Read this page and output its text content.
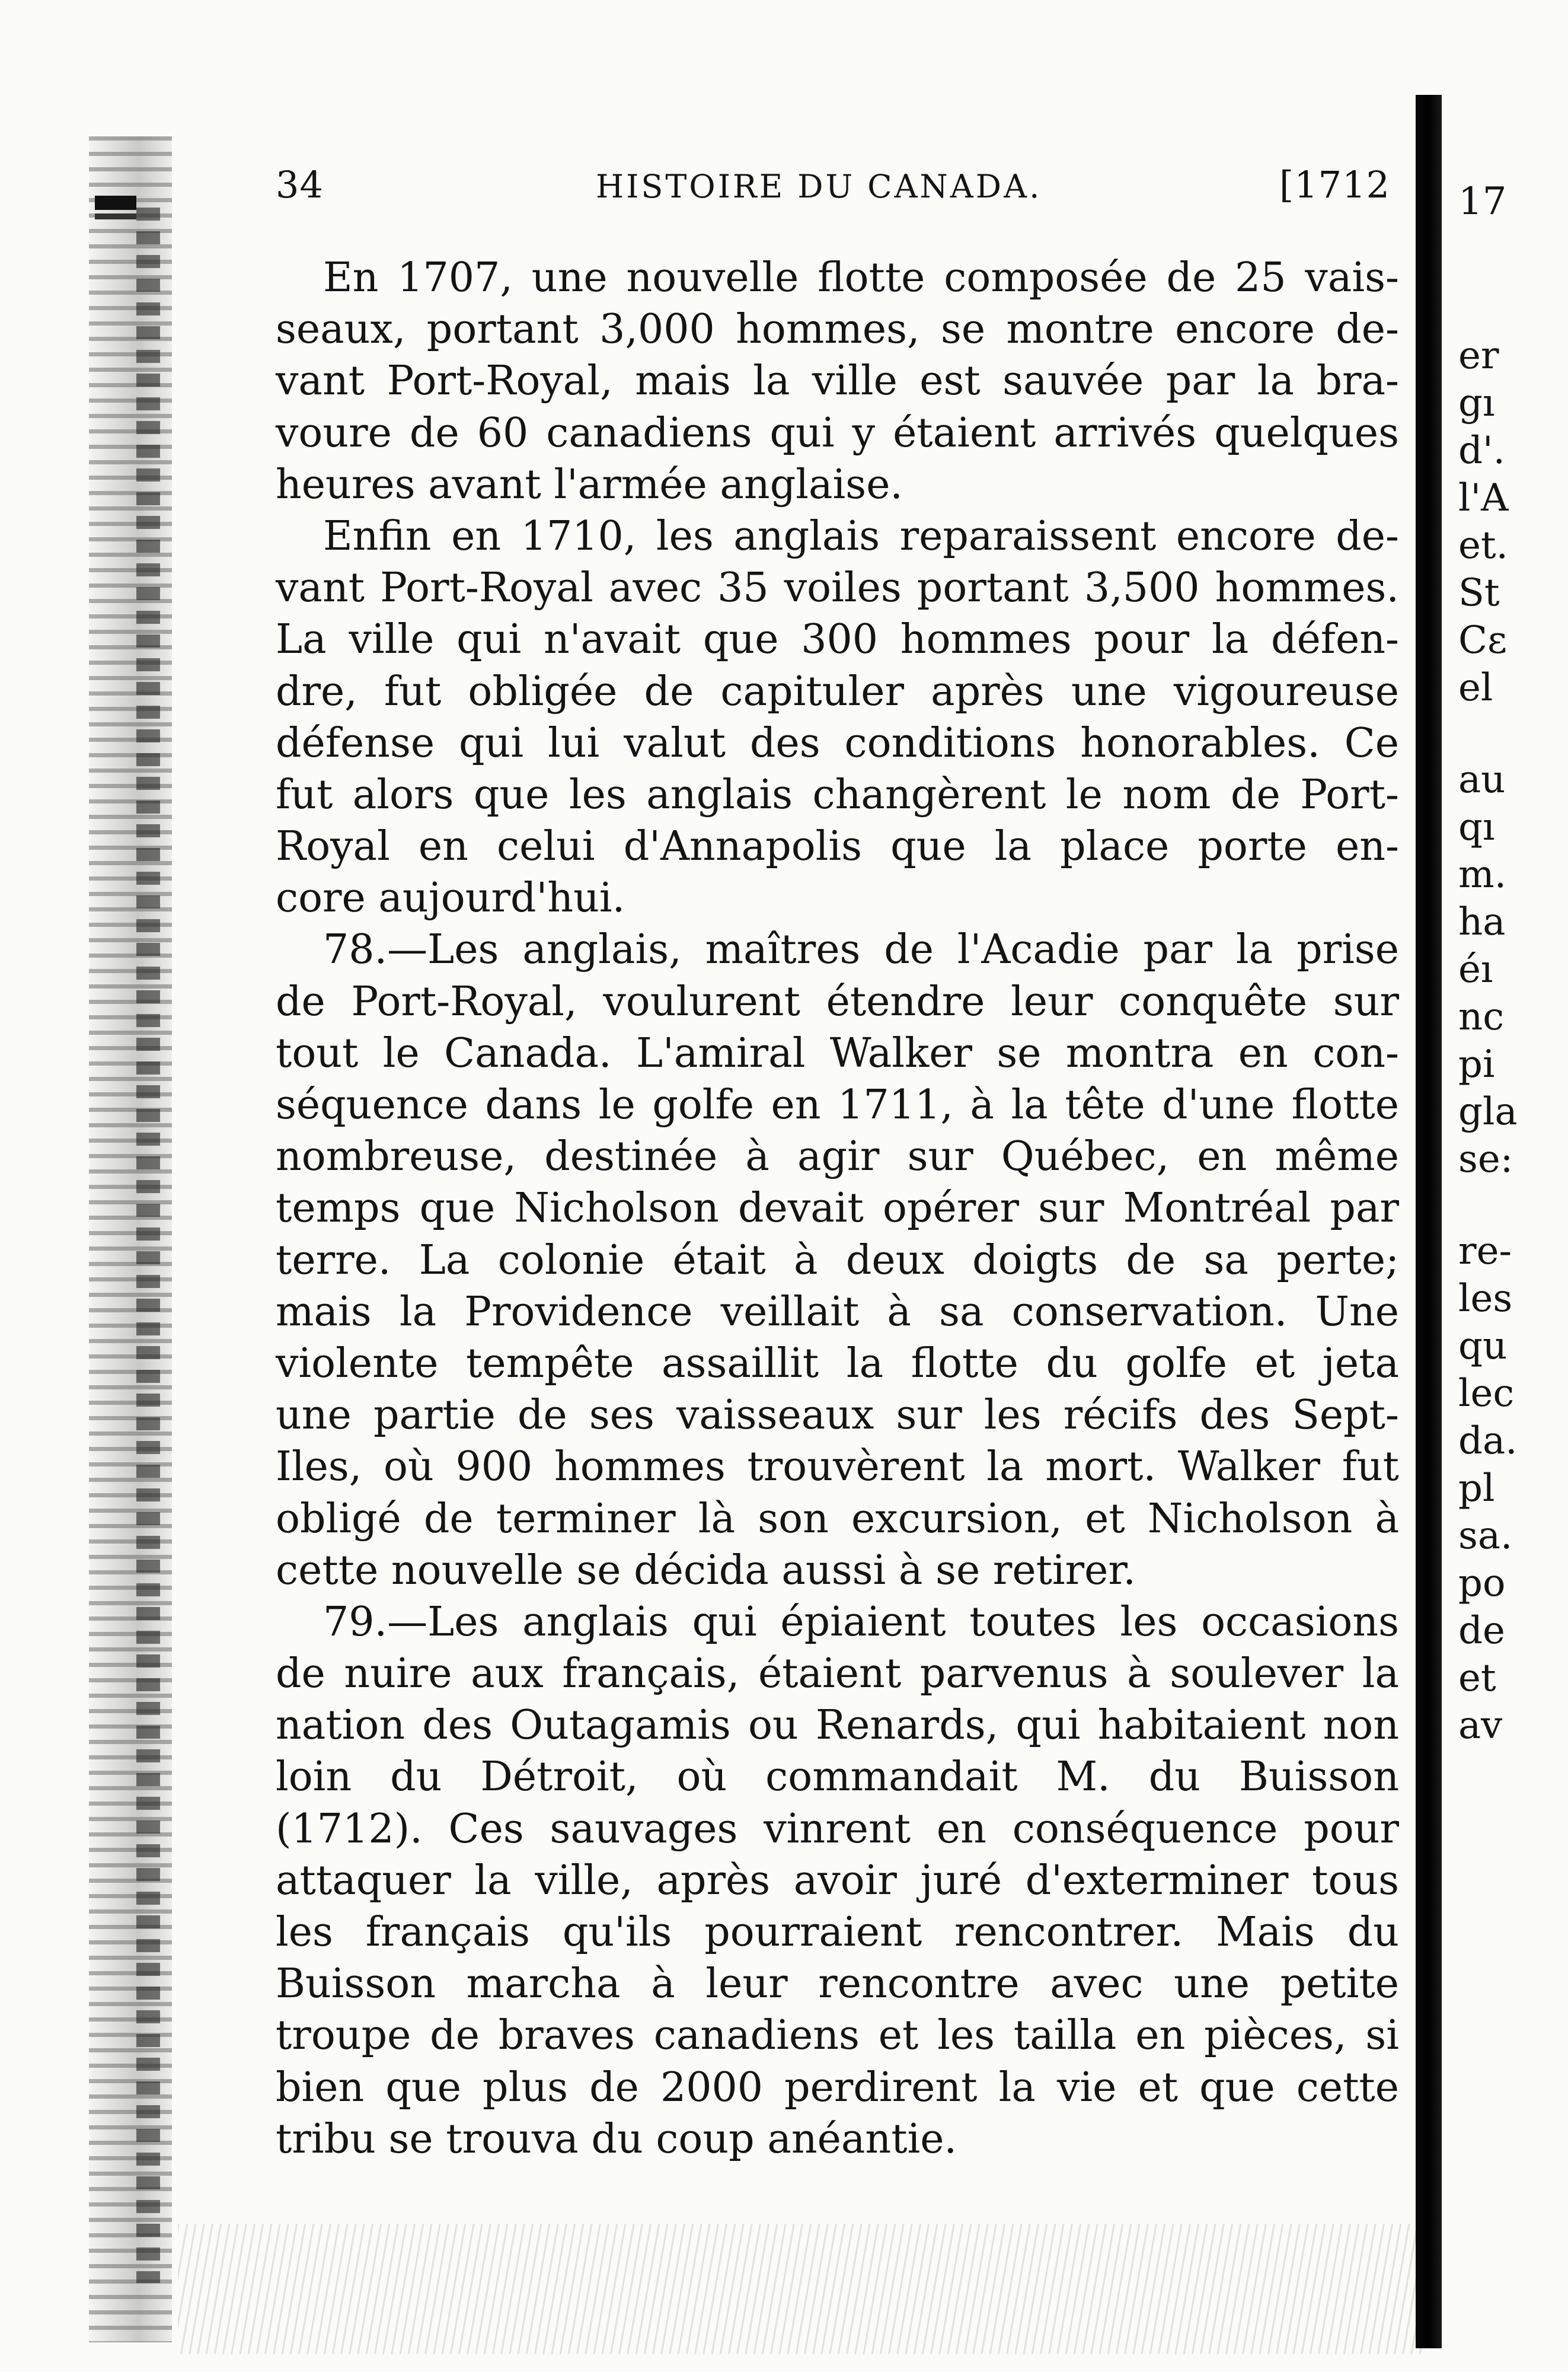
34	HISTOIRE DU CANADA.	[1712
En 1707, une nouvelle flotte composée de 25 vais-
seaux, portant 3,000 hommes, se montre encore de-
vant Port-Royal, mais la ville est sauvée par la bra-
voure de 60 canadiens qui y étaient arrivés quelques
heures avant l'armée anglaise.
Enfin en 1710, les anglais reparaissent encore de-
vant Port-Royal avec 35 voiles portant 3,500 hommes.
La ville qui n'avait que 300 hommes pour la défen-
dre, fut obligée de capituler après une vigoureuse
défense qui lui valut des conditions honorables. Ce
fut alors que les anglais changèrent le nom de Port-
Royal en celui d'Annapolis que la place porte en-
core aujourd'hui.
78.—Les anglais, maîtres de l'Acadie par la prise
de Port-Royal, voulurent étendre leur conquête sur
tout le Canada. L'amiral Walker se montra en con-
séquence dans le golfe en 1711, à la tête d'une flotte
nombreuse, destinée à agir sur Québec, en même
temps que Nicholson devait opérer sur Montréal par
terre. La colonie était à deux doigts de sa perte;
mais la Providence veillait à sa conservation. Une
violente tempête assaillit la flotte du golfe et jeta
une partie de ses vaisseaux sur les récifs des Sept-
Iles, où 900 hommes trouvèrent la mort. Walker fut
obligé de terminer là son excursion, et Nicholson à
cette nouvelle se décida aussi à se retirer.
79.—Les anglais qui épiaient toutes les occasions
de nuire aux français, étaient parvenus à soulever la
nation des Outagamis ou Renards, qui habitaient non
loin du Détroit, où commandait M. du Buisson
(1712). Ces sauvages vinrent en conséquence pour
attaquer la ville, après avoir juré d'exterminer tous
les français qu'ils pourraient rencontrer. Mais du
Buisson marcha à leur rencontre avec une petite
troupe de braves canadiens et les tailla en pièces, si
bien que plus de 2000 perdirent la vie et que cette
tribu se trouva du coup anéantie.
17
er
gı
d'.
l'A
et.
St
Cε
el
au
qı
m.
ha
éı
nc
pi
gla
se:
re-
les
qu
lec
da.
pl
sa.
po
de
et
av
